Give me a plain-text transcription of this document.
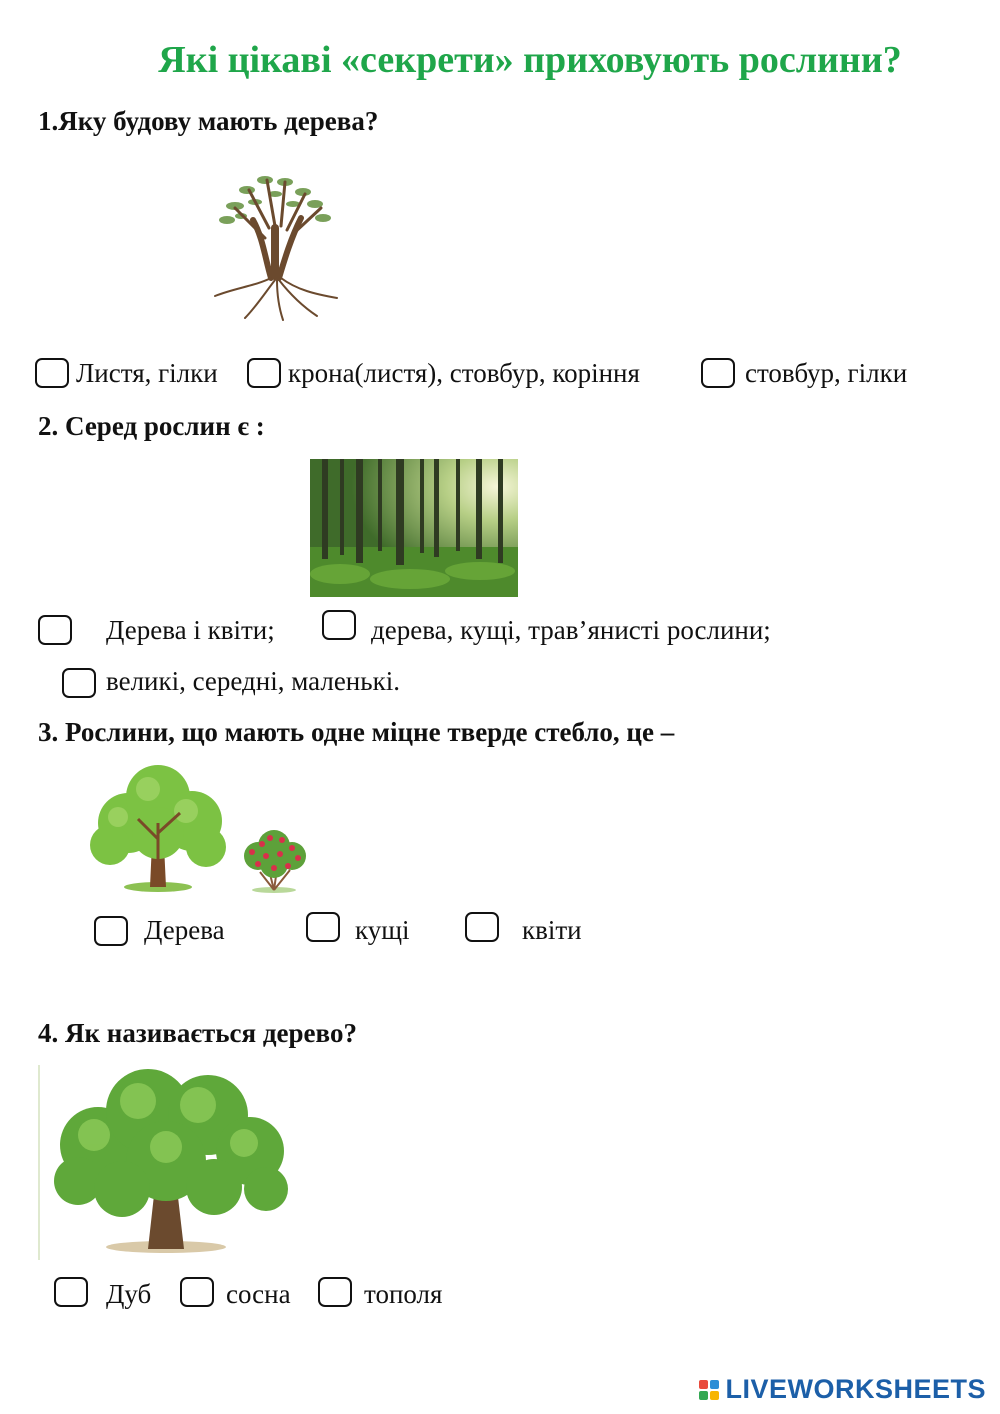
Які цікаві «секрети» приховують рослини?
1.Яку будову мають дерева?
Листя, гілки	крона(листя), стовбур, коріння	стовбур, гілки
2. Серед рослин є :
Дерева і квіти;	дерева, кущі, трав’янисті рослини;
великі, середні, маленькі.
3. Рослини, що мають одне міцне тверде стебло, це –
Дерева	кущі	квіти
4. Як називається дерево?
Дуб	сосна	тополя
LIVEWORKSHEETS
